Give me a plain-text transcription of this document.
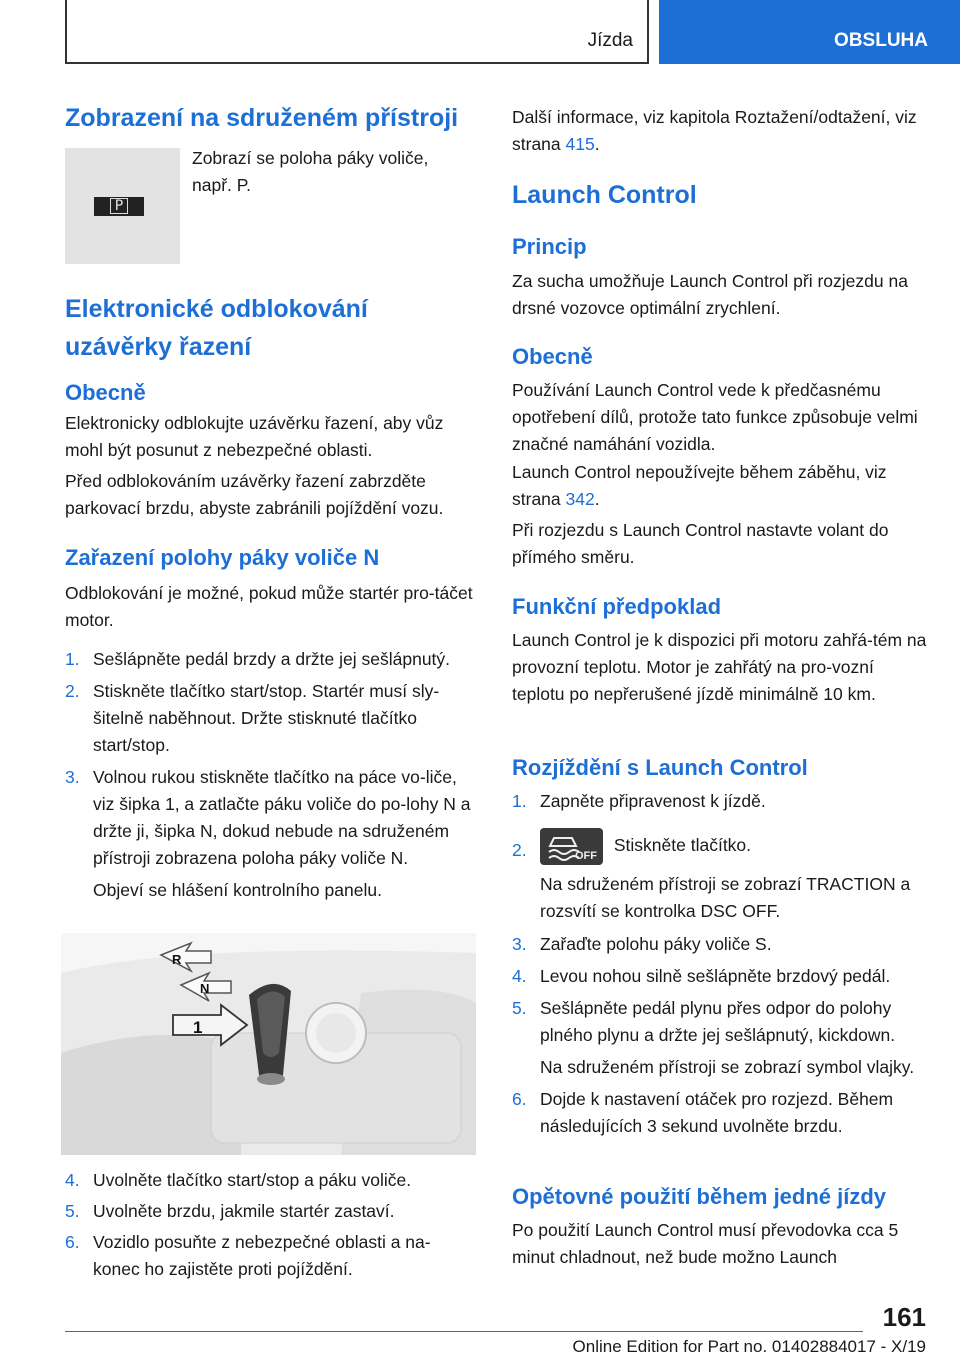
Jízda	OBSLUHA
Zobrazení na sdruženém přístroji
P

Zobrazí se poloha páky voliče,

např. P.

Elektronické odblokování
uzávěrky řazení
Obecně

Elektronicky odblokujte uzávěrku řazení, aby vůz mohl být posunut z nebezpečné oblasti.

Před odblokováním uzávěrky řazení zabrzděte parkovací brzdu, abyste zabránili pojíždění vozu.

Zařazení polohy páky voliče N

Odblokování je možné, pokud může startér pro-táčet motor.

1. Sešlápněte pedál brzdy a držte jej sešlápnutý.
2. Stiskněte tlačítko start/stop. Startér musí sly-šitelně naběhnout. Držte stisknuté tlačítko start/stop.
3. Volnou rukou stiskněte tlačítko na páce vo-liče, viz šipka 1, a zatlačte páku voliče do po-lohy N a držte ji, šipka N, dokud nebude na sdruženém přístroji zobrazena poloha páky voliče N.
Objeví se hlášení kontrolního panelu.
R
N
1
4. Uvolněte tlačítko start/stop a páku voliče.
5. Uvolněte brzdu, jakmile startér zastaví.
6. Vozidlo posuňte z nebezpečné oblasti a na-konec ho zajistěte proti pojíždění.

Další informace, viz kapitola Roztažení/odtažení, viz strana 415.

Launch Control
Princip

Za sucha umožňuje Launch Control při rozjezdu na drsné vozovce optimální zrychlení.

Obecně

Používání Launch Control vede k předčasnému opotřebení dílů, protože tato funkce způsobuje velmi značné namáhání vozidla.

Launch Control nepoužívejte během záběhu, viz strana 342.

Při rozjezdu s Launch Control nastavte volant do přímého směru.

Funkční předpoklad

Launch Control je k dispozici při motoru zahřá-tém na provozní teplotu. Motor je zahřátý na pro-vozní teplotu po nepřerušené jízdě minimálně 10 km.

Rozjíždění s Launch Control
1. Zapněte připravenost k jízdě.
2.	OFF
Stiskněte tlačítko.
Na sdruženém přístroji se zobrazí TRACTION a rozsvítí se kontrolka DSC OFF.
3. Zařaďte polohu páky voliče S.
4. Levou nohou silně sešlápněte brzdový pedál.
5. Sešlápněte pedál plynu přes odpor do polohy plného plynu a držte jej sešlápnutý, kickdown.
Na sdruženém přístroji se zobrazí symbol vlajky.
6. Dojde k nastavení otáček pro rozjezd. Během následujících 3 sekund uvolněte brzdu.
Opětovné použití během jedné jízdy

Po použití Launch Control musí převodovka cca 5 minut chladnout, než bude možno Launch

161
Online Edition for Part no. 01402884017 - X/19
